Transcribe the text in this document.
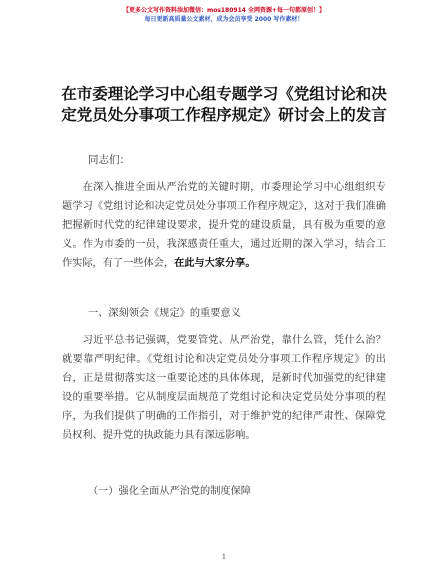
【更多公文写作资料添加微信：mos180914 全网资源+每一句都原创！】
每日更新高质量公文素材，成为会员享受 2000 写作素材！
在市委理论学习中心组专题学习《党组讨论和决定党员处分事项工作程序规定》研讨会上的发言
同志们：
在深入推进全面从严治党的关键时期，市委理论学习中心组组织专题学习《党组讨论和决定党员处分事项工作程序规定》，这对于我们准确把握新时代党的纪律建设要求，提升党的建设质量，具有极为重要的意义。作为市委的一员，我深感责任重大，通过近期的深入学习，结合工作实际，有了一些体会，在此与大家分享。
一、深刻领会《规定》的重要意义
习近平总书记强调，党要管党、从严治党，靠什么管，凭什么治？就要靠严明纪律。《党组讨论和决定党员处分事项工作程序规定》的出台，正是贯彻落实这一重要论述的具体体现，是新时代加强党的纪律建设的重要举措。它从制度层面规范了党组讨论和决定党员处分事项的程序，为我们提供了明确的工作指引，对于维护党的纪律严肃性、保障党员权利、提升党的执政能力具有深远影响。
（一）强化全面从严治党的制度保障
1
